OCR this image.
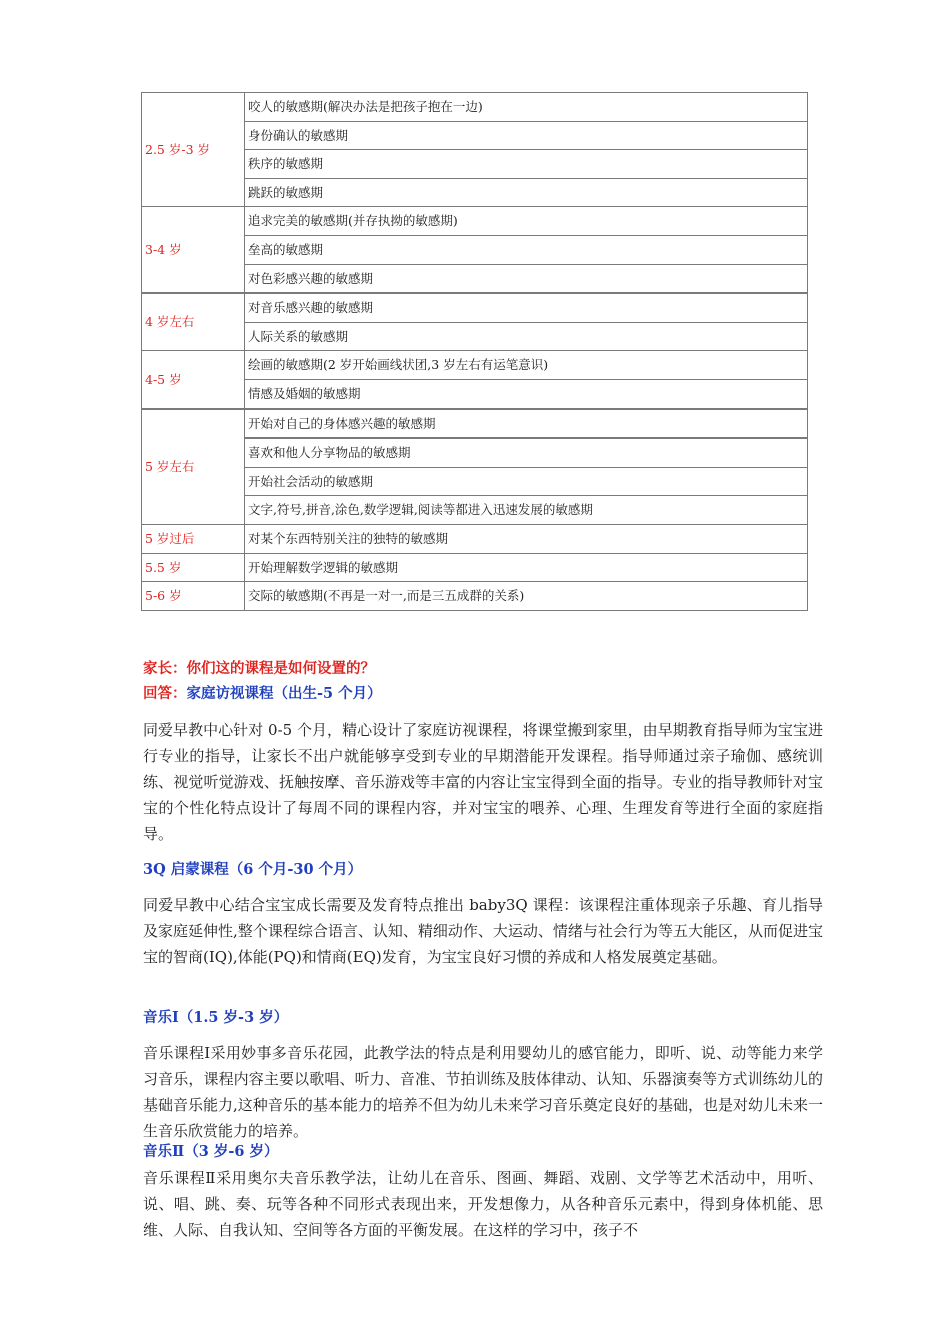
2.5 岁-3 岁	咬人的敏感期(解决办法是把孩子抱在一边)
	身份确认的敏感期
	秩序的敏感期
	跳跃的敏感期
3-4 岁	追求完美的敏感期(并存执拗的敏感期)
	垒高的敏感期
	对色彩感兴趣的敏感期
4 岁左右	对音乐感兴趣的敏感期
	人际关系的敏感期
4-5 岁	绘画的敏感期(2 岁开始画线状团,3 岁左右有运笔意识)
	情感及婚姻的敏感期
5 岁左右	开始对自己的身体感兴趣的敏感期
	喜欢和他人分享物品的敏感期
	开始社会活动的敏感期
	文字,符号,拼音,涂色,数学逻辑,阅读等都进入迅速发展的敏感期
5 岁过后	对某个东西特别关注的独特的敏感期
5.5 岁	开始理解数学逻辑的敏感期
5-6 岁	交际的敏感期(不再是一对一,而是三五成群的关系)
家长：你们这的课程是如何设置的？
回答：家庭访视课程（出生-5 个月）

同爱早教中心针对 0-5 个月，精心设计了家庭访视课程，将课堂搬到家里，由早期教育指导师为宝宝进行专业的指导，让家长不出户就能够享受到专业的早期潜能开发课程。指导师通过亲子瑜伽、感统训练、视觉听觉游戏、抚触按摩、音乐游戏等丰富的内容让宝宝得到全面的指导。专业的指导教师针对宝宝的个性化特点设计了每周不同的课程内容，并对宝宝的喂养、心理、生理发育等进行全面的家庭指导。

3Q 启蒙课程（6 个月-30 个月）

同爱早教中心结合宝宝成长需要及发育特点推出 baby3Q 课程：该课程注重体现亲子乐趣、育儿指导及家庭延伸性,整个课程综合语言、认知、精细动作、大运动、情绪与社会行为等五大能区，从而促进宝宝的智商(IQ),体能(PQ)和情商(EQ)发育，为宝宝良好习惯的养成和人格发展奠定基础。

音乐Ⅰ（1.5 岁-3 岁）

音乐课程Ⅰ采用妙事多音乐花园，此教学法的特点是利用婴幼儿的感官能力，即听、说、动等能力来学习音乐，课程内容主要以歌唱、听力、音准、节拍训练及肢体律动、认知、乐器演奏等方式训练幼儿的基础音乐能力,这种音乐的基本能力的培养不但为幼儿未来学习音乐奠定良好的基础，也是对幼儿未来一生音乐欣赏能力的培养。

音乐Ⅱ（3 岁-6 岁）

音乐课程Ⅱ采用奥尔夫音乐教学法，让幼儿在音乐、图画、舞蹈、戏剧、文学等艺术活动中，用听、说、唱、跳、奏、玩等各种不同形式表现出来，开发想像力，从各种音乐元素中，得到身体机能、思维、人际、自我认知、空间等各方面的平衡发展。在这样的学习中，孩子不
